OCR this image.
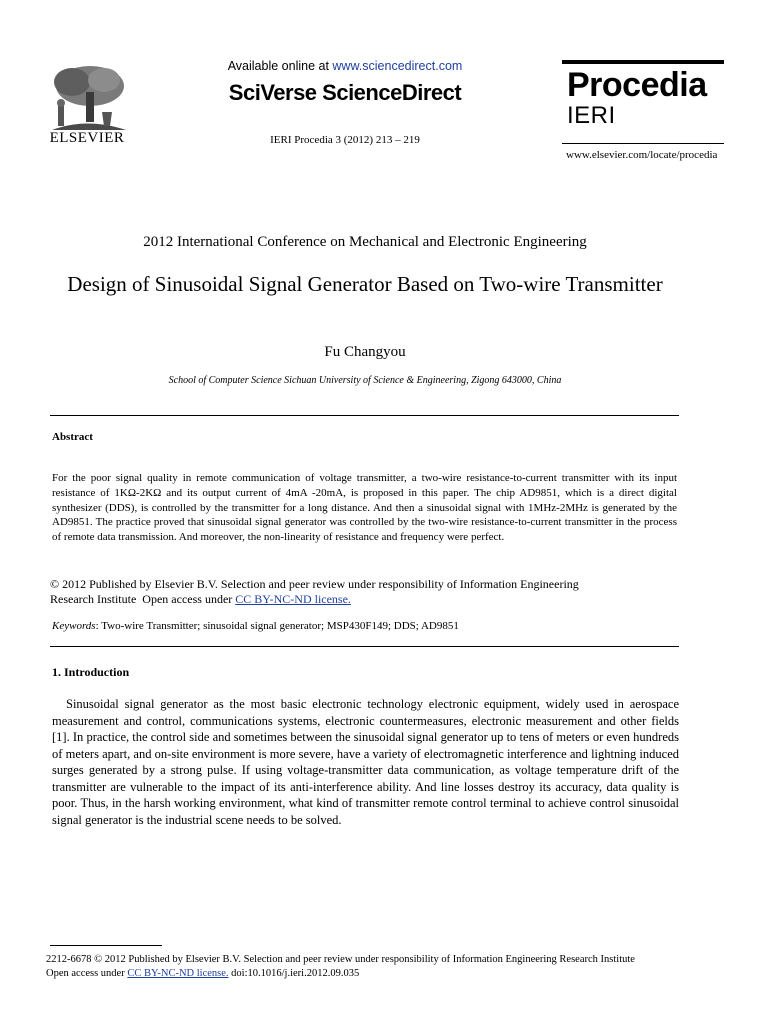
ELSEVIER
Available online at www.sciencedirect.com
SciVerse ScienceDirect
IERI Procedia 3 (2012) 213 – 219
Procedia
IERI
www.elsevier.com/locate/procedia
2012 International Conference on Mechanical and Electronic Engineering
Design of Sinusoidal Signal Generator Based on Two-wire Transmitter
Fu Changyou
School of Computer Science Sichuan University of Science & Engineering, Zigong 643000, China
Abstract
For the poor signal quality in remote communication of voltage transmitter, a two-wire resistance-to-current transmitter with its input resistance of 1KΩ-2KΩ and its output current of 4mA -20mA, is proposed in this paper. The chip AD9851, which is a direct digital synthesizer (DDS), is controlled by the transmitter for a long distance. And then a sinusoidal signal with 1MHz-2MHz is generated by the AD9851. The practice proved that sinusoidal signal generator was controlled by the two-wire resistance-to-current transmitter in the process of remote data transmission. And moreover, the non-linearity of resistance and frequency were perfect.
© 2012 Published by Elsevier B.V. Selection and peer review under responsibility of Information Engineering
Research Institute  Open access under CC BY-NC-ND license.
Keywords: Two-wire Transmitter; sinusoidal signal generator; MSP430F149; DDS; AD9851
1. Introduction
Sinusoidal signal generator as the most basic electronic technology electronic equipment, widely used in aerospace measurement and control, communications systems, electronic countermeasures, electronic measurement and other fields [1]. In practice, the control side and sometimes between the sinusoidal signal generator up to tens of meters or even hundreds of meters apart, and on-site environment is more severe, have a variety of electromagnetic interference and lightning induced surges generated by a strong pulse. If using voltage-transmitter data communication, as voltage temperature drift of the transmitter are vulnerable to the impact of its anti-interference ability. And line losses destroy its accuracy, data quality is poor. Thus, in the harsh working environment, what kind of transmitter remote control terminal to achieve control sinusoidal signal generator is the industrial scene needs to be solved.
2212-6678 © 2012 Published by Elsevier B.V. Selection and peer review under responsibility of Information Engineering Research Institute
Open access under CC BY-NC-ND license. doi:10.1016/j.ieri.2012.09.035
